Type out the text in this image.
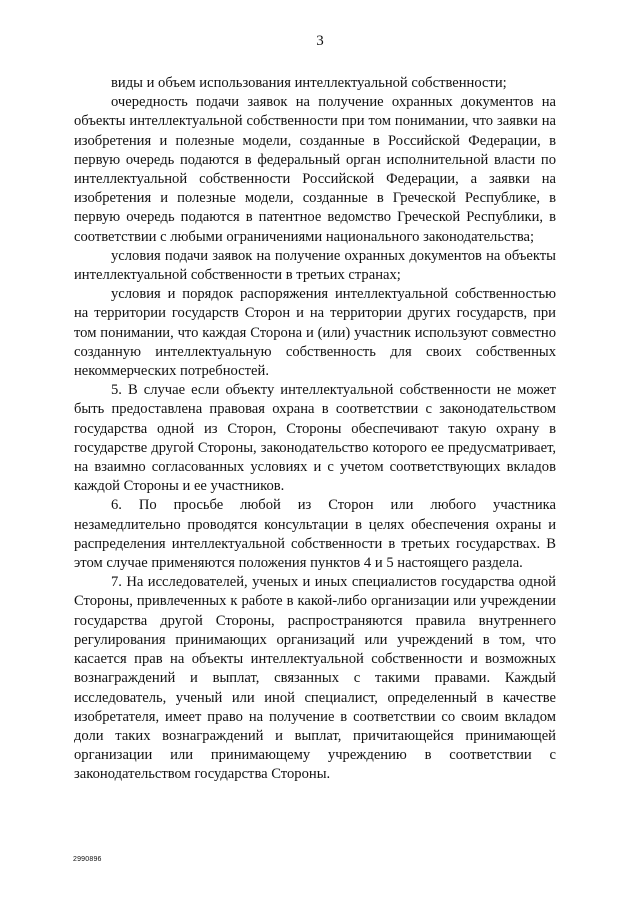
3

виды и объем использования интеллектуальной собственности;

очередность подачи заявок на получение охранных документов на объекты интеллектуальной собственности при том понимании, что заявки на изобретения и полезные модели, созданные в Российской Федерации, в первую очередь подаются в федеральный орган исполнительной власти по интеллектуальной собственности Российской Федерации, а заявки на изобретения и полезные модели, созданные в Греческой Республике, в первую очередь подаются в патентное ведомство Греческой Республики, в соответствии с любыми ограничениями национального законодательства;

условия подачи заявок на получение охранных документов на объекты интеллектуальной собственности в третьих странах;

условия и порядок распоряжения интеллектуальной собственностью на территории государств Сторон и на территории других государств, при том понимании, что каждая Сторона и (или) участник используют совместно созданную интеллектуальную собственность для своих собственных некоммерческих потребностей.

5. В случае если объекту интеллектуальной собственности не может быть предоставлена правовая охрана в соответствии с законодательством государства одной из Сторон, Стороны обеспечивают такую охрану в государстве другой Стороны, законодательство которого ее предусматривает, на взаимно согласованных условиях и с учетом соответствующих вкладов каждой Стороны и ее участников.

6. По просьбе любой из Сторон или любого участника незамедлительно проводятся консультации в целях обеспечения охраны и распределения интеллектуальной собственности в третьих государствах. В этом случае применяются положения пунктов 4 и 5 настоящего раздела.

7. На исследователей, ученых и иных специалистов государства одной Стороны, привлеченных к работе в какой-либо организации или учреждении государства другой Стороны, распространяются правила внутреннего регулирования принимающих организаций или учреждений в том, что касается прав на объекты интеллектуальной собственности и возможных вознаграждений и выплат, связанных с такими правами. Каждый исследователь, ученый или иной специалист, определенный в качестве изобретателя, имеет право на получение в соответствии со своим вкладом доли таких вознаграждений и выплат, причитающейся принимающей организации или принимающему учреждению в соответствии с законодательством государства Стороны.

2990896
